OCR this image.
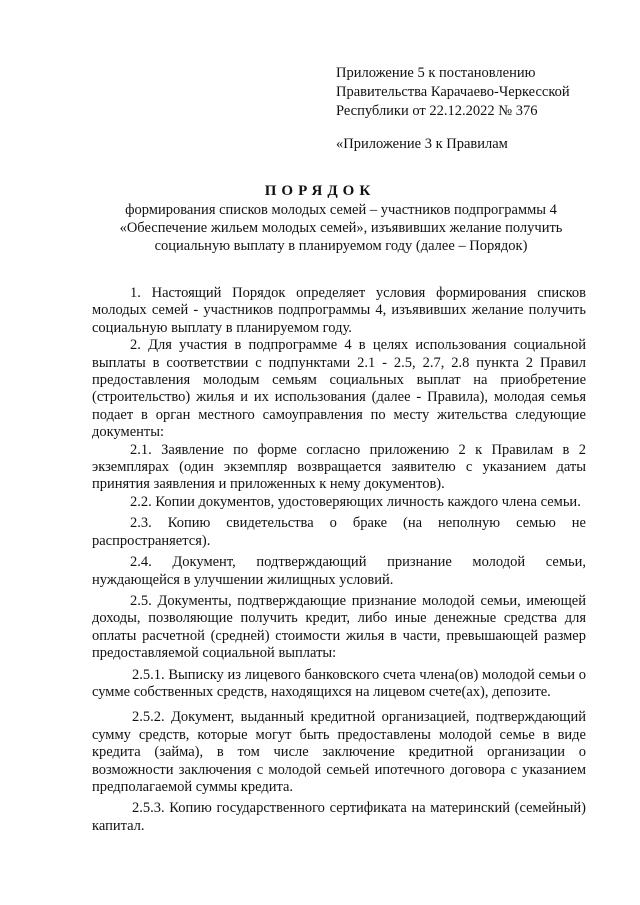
Приложение 5 к постановлению
Правительства Карачаево-Черкесской
Республики от 22.12.2022 № 376
«Приложение 3 к Правилам
ПОРЯДОК
формирования списков молодых семей – участников подпрограммы 4
«Обеспечение жильем молодых семей», изъявивших желание получить
социальную выплату в планируемом году (далее – Порядок)

1. Настоящий Порядок определяет условия формирования списков молодых семей - участников подпрограммы 4, изъявивших желание получить социальную выплату в планируемом году.

2. Для участия в подпрограмме 4 в целях использования социальной выплаты в соответствии с подпунктами 2.1 - 2.5, 2.7, 2.8 пункта 2 Правил предоставления молодым семьям социальных выплат на приобретение (строительство) жилья и их использования (далее - Правила), молодая семья подает в орган местного самоуправления по месту жительства следующие документы:

2.1. Заявление по форме согласно приложению 2 к Правилам в 2 экземплярах (один экземпляр возвращается заявителю с указанием даты принятия заявления и приложенных к нему документов).

2.2. Копии документов, удостоверяющих личность каждого члена семьи.

2.3. Копию свидетельства о браке (на неполную семью не распространяется).

2.4. Документ, подтверждающий признание молодой семьи, нуждающейся в улучшении жилищных условий.

2.5. Документы, подтверждающие признание молодой семьи, имеющей доходы, позволяющие получить кредит, либо иные денежные средства для оплаты расчетной (средней) стоимости жилья в части, превышающей размер предоставляемой социальной выплаты:

2.5.1. Выписку из лицевого банковского счета члена(ов) молодой семьи о сумме собственных средств, находящихся на лицевом счете(ах), депозите.

2.5.2. Документ, выданный кредитной организацией, подтверждающий сумму средств, которые могут быть предоставлены молодой семье в виде кредита (займа), в том числе заключение кредитной организации о возможности заключения с молодой семьей ипотечного договора с указанием предполагаемой суммы кредита.

2.5.3. Копию государственного сертификата на материнский (семейный) капитал.
